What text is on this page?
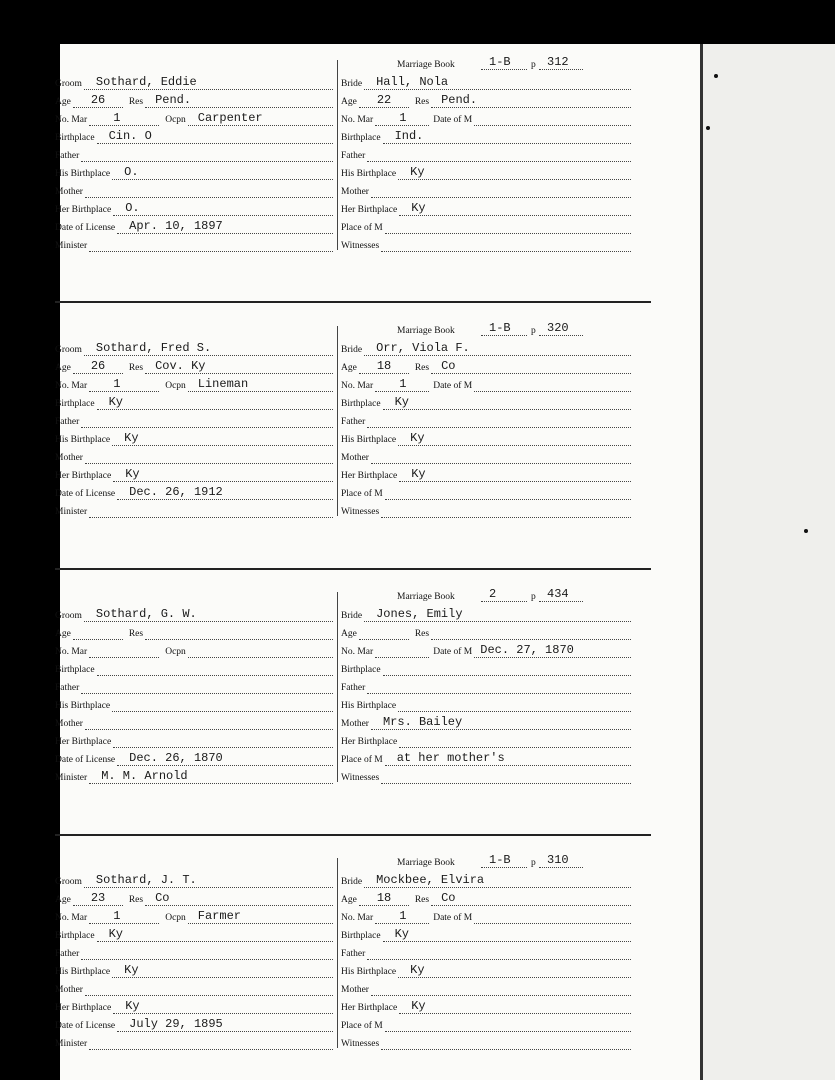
Groom Sothard, Eddie
Age 26	Res Pend.
No. Mar 1	Ocpn Carpenter
Birthplace Cin. O
Father
His Birthplace O.
Mother
Her Birthplace O.
Date of License Apr. 10, 1897
Minister
Marriage Book	1-B p 312
Bride Hall, Nola
Age 22	Res Pend.
No. Mar 1	Date of M
Birthplace Ind.
Father
His Birthplace Ky
Mother
Her Birthplace Ky
Place of M
Witnesses
Groom Sothard, Fred S.
Age 26	Res Cov. Ky
No. Mar 1	Ocpn Lineman
Birthplace Ky
Father
His Birthplace Ky
Mother
Her Birthplace Ky
Date of License Dec. 26, 1912
Minister
Marriage Book	1-B p 320
Bride Orr, Viola F.
Age 18	Res Co
No. Mar 1	Date of M
Birthplace Ky
Father
His Birthplace Ky
Mother
Her Birthplace Ky
Place of M
Witnesses
Groom Sothard, G. W.
Age	Res
No. Mar	Ocpn
Birthplace
Father
His Birthplace
Mother
Her Birthplace
Date of License Dec. 26, 1870
Minister M. M. Arnold
Marriage Book	2	p 434
Bride Jones, Emily
Age	Res
No. Mar	Date of M Dec. 27, 1870
Birthplace
Father
His Birthplace
Mother Mrs. Bailey
Her Birthplace
Place of M at her mother's
Witnesses
Groom Sothard, J. T.
Age 23	Res Co
No. Mar 1	Ocpn Farmer
Birthplace Ky
Father
His Birthplace Ky
Mother
Her Birthplace Ky
Date of License July 29, 1895
Minister
Marriage Book	1-B p 310
Bride Mockbee, Elvira
Age 18	Res Co
No. Mar 1	Date of M
Birthplace Ky
Father
His Birthplace Ky
Mother
Her Birthplace Ky
Place of M
Witnesses
